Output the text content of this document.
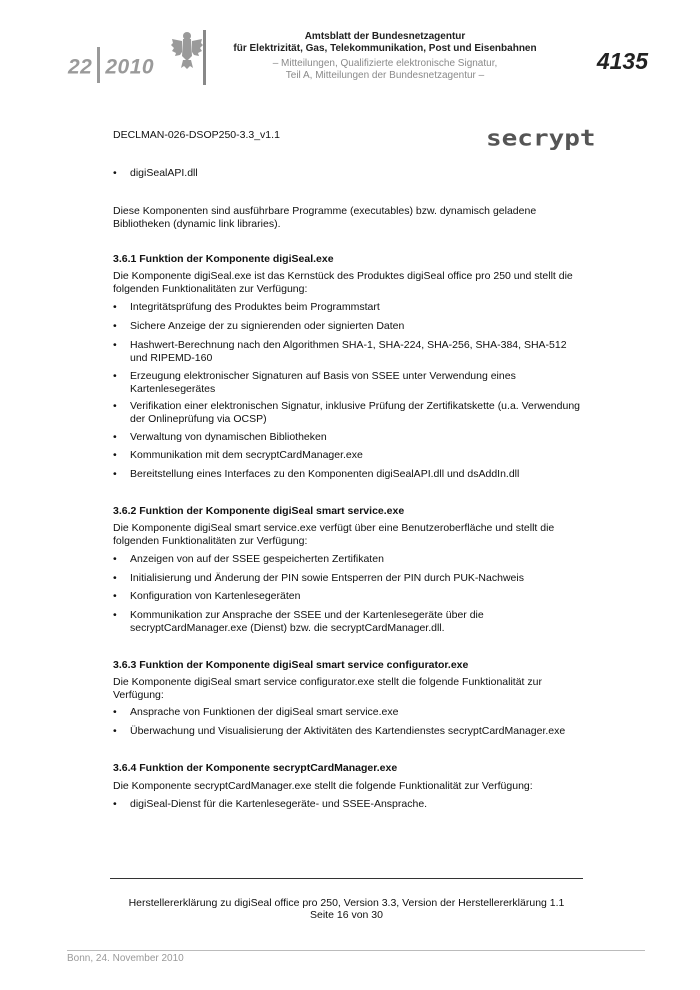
22 2010
Amtsblatt der Bundesnetzagentur
für Elektrizität, Gas, Telekommunikation, Post und Eisenbahnen
– Mitteilungen, Qualifizierte elektronische Signatur,
Teil A, Mitteilungen der Bundesnetzagentur –
4135
DECLMAN-026-DSOP250-3.3_v1.1	secrypt
• digiSealAPI.dll
Diese Komponenten sind ausführbare Programme (executables) bzw. dynamisch geladene Bibliotheken (dynamic link libraries).
3.6.1 Funktion der Komponente digiSeal.exe
Die Komponente digiSeal.exe ist das Kernstück des Produktes digiSeal office pro 250 und stellt die folgenden Funktionalitäten zur Verfügung:
• Integritätsprüfung des Produktes beim Programmstart
• Sichere Anzeige der zu signierenden oder signierten Daten
• Hashwert-Berechnung nach den Algorithmen SHA-1, SHA-224, SHA-256, SHA-384, SHA-512 und RIPEMD-160
• Erzeugung elektronischer Signaturen auf Basis von SSEE unter Verwendung eines Kartenlesegerätes
• Verifikation einer elektronischen Signatur, inklusive Prüfung der Zertifikatskette (u.a. Verwendung der Onlineprüfung via OCSP)
• Verwaltung von dynamischen Bibliotheken
• Kommunikation mit dem secryptCardManager.exe
• Bereitstellung eines Interfaces zu den Komponenten digiSealAPI.dll und dsAddIn.dll
3.6.2 Funktion der Komponente digiSeal smart service.exe
Die Komponente digiSeal smart service.exe verfügt über eine Benutzeroberfläche und stellt die folgenden Funktionalitäten zur Verfügung:
• Anzeigen von auf der SSEE gespeicherten Zertifikaten
• Initialisierung und Änderung der PIN sowie Entsperren der PIN durch PUK-Nachweis
• Konfiguration von Kartenlesegeräten
• Kommunikation zur Ansprache der SSEE und der Kartenlesegeräte über die secryptCardManager.exe (Dienst) bzw. die secryptCardManager.dll.
3.6.3 Funktion der Komponente digiSeal smart service configurator.exe
Die Komponente digiSeal smart service configurator.exe stellt die folgende Funktionalität zur Verfügung:
• Ansprache von Funktionen der digiSeal smart service.exe
• Überwachung und Visualisierung der Aktivitäten des Kartendienstes secryptCardManager.exe
3.6.4 Funktion der Komponente secryptCardManager.exe
Die Komponente secryptCardManager.exe stellt die folgende Funktionalität zur Verfügung:
• digiSeal-Dienst für die Kartenlesegeräte- und SSEE-Ansprache.
Herstellererklärung zu digiSeal office pro 250, Version 3.3, Version der Herstellererklärung 1.1
Seite 16 von 30
Bonn, 24. November 2010
